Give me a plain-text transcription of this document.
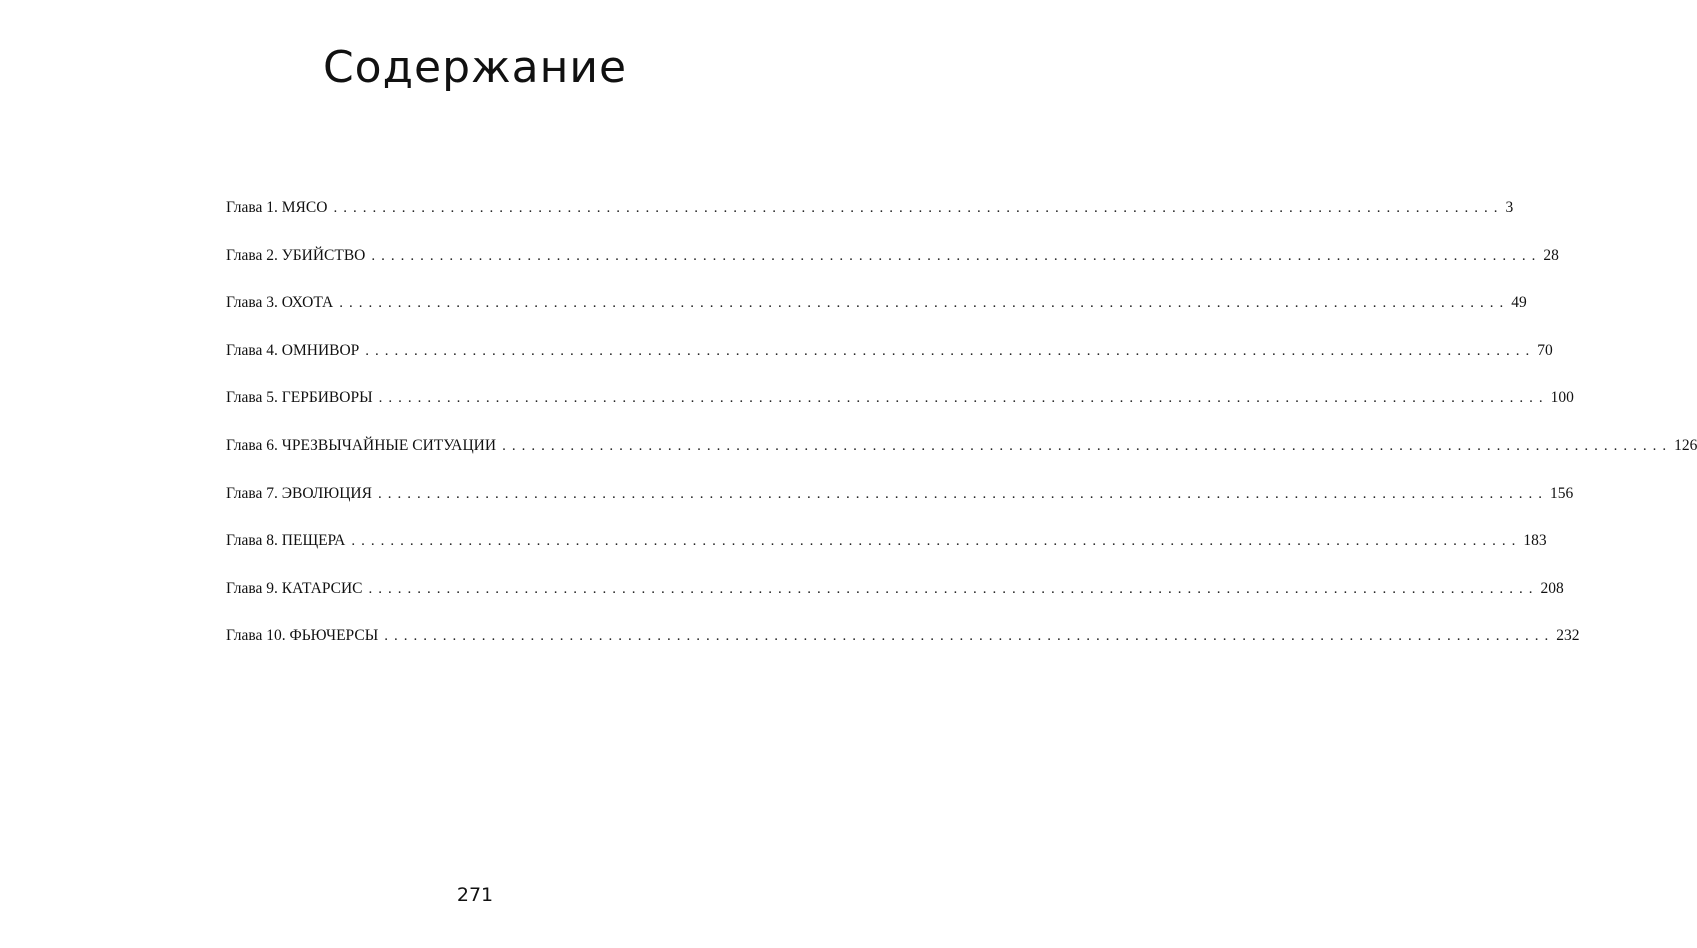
Содержание
Глава 1. МЯСО ........................................................................................................................ 3
Глава 2. УБИЙСТВО ........................................................................................................................ 28
Глава 3. ОХОТА ........................................................................................................................ 49
Глава 4. ОМНИВОР ........................................................................................................................ 70
Глава 5. ГЕРБИВОРЫ ........................................................................................................................ 100
Глава 6. ЧРЕЗВЫЧАЙНЫЕ СИТУАЦИИ ........................................................................................................................ 126
Глава 7. ЭВОЛЮЦИЯ ........................................................................................................................ 156
Глава 8. ПЕЩЕРА ........................................................................................................................ 183
Глава 9. КАТАРСИС ........................................................................................................................ 208
Глава 10. ФЬЮЧЕРСЫ ........................................................................................................................ 232
271
